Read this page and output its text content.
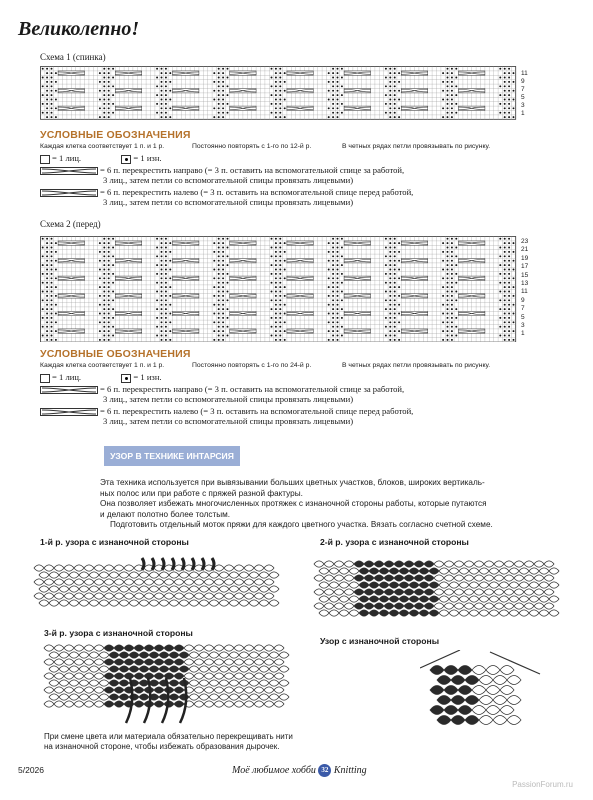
Великолепно!
Схема 1 (спинка)
11
9
7
5
3
1
УСЛОВНЫЕ ОБОЗНАЧЕНИЯ
Каждая клетка соответствует 1 п. и 1 р.	Постоянно повторять с 1-го по 12-й р.	В четных рядах петли провязывать по рисунку.
= 1 лиц.	= 1 изн.
= 6 п. перекрестить направо (= 3 п. оставить на вспомогательной спице за работой,
3 лиц., затем петли со вспомогательной спицы провязать лицевыми)
= 6 п. перекрестить налево (= 3 п. оставить на вспомогательной спице перед работой,
3 лиц., затем петли со вспомогательной спицы провязать лицевыми)
Схема 2 (перед)
23
21
19
17
15
13
11
9
7
5
3
1
УСЛОВНЫЕ ОБОЗНАЧЕНИЯ
Каждая клетка соответствует 1 п. и 1 р.	Постоянно повторять с 1-го по 24-й р.	В четных рядах петли провязывать по рисунку.
= 1 лиц.	= 1 изн.
= 6 п. перекрестить направо (= 3 п. оставить на вспомогательной спице за работой,
3 лиц., затем петли со вспомогательной спицы провязать лицевыми)
= 6 п. перекрестить налево (= 3 п. оставить на вспомогательной спице перед работой,
3 лиц., затем петли со вспомогательной спицы провязать лицевыми)
УЗОР В ТЕХНИКЕ ИНТАРСИЯ

Эта техника используется при вывязывании больших цветных участков, блоков, широких вертикаль-

ных полос или при работе с пряжей разной фактуры.

Она позволяет избежать многочисленных протяжек с изнаночной стороны работы, которые путаются

и делают полотно более толстым.

Подготовить отдельный моток пряжи для каждого цветного участка. Вязать согласно счетной схеме.

1-й р. узора с изнаночной стороны	2-й р. узора с изнаночной стороны
3-й р. узора с изнаночной стороны
Узор с изнаночной стороны
При смене цвета или материала обязательно перекрещивать нити
на изнаночной стороне, чтобы избежать образования дырочек.
5/2026	Моё любимое хобби 32 Knitting
PassionForum.ru
